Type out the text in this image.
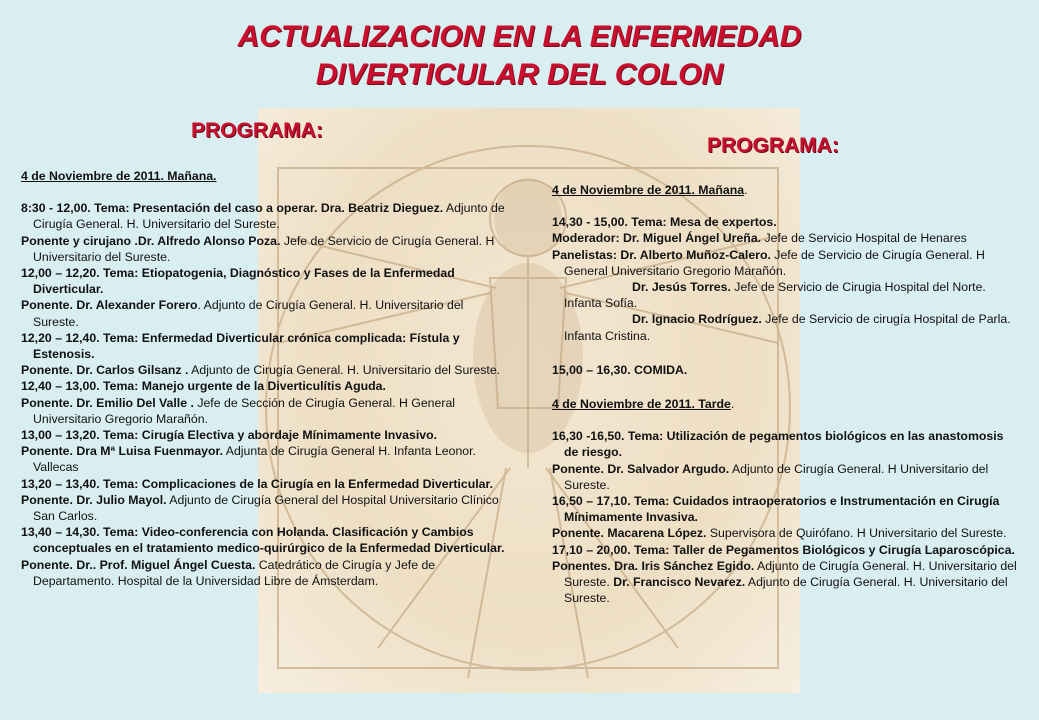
ACTUALIZACION EN LA ENFERMEDAD
DIVERTICULAR DEL COLON
PROGRAMA:
PROGRAMA:

4 de Noviembre de 2011. Mañana.

8:30 - 12,00. Tema: Presentación del caso a operar. Dra. Beatriz Dieguez. Adjunto de Cirugía General. H. Universitario del Sureste.

Ponente y cirujano .Dr. Alfredo Alonso Poza. Jefe de Servicio de Cirugía General. H Universitario del Sureste.

12,00 – 12,20. Tema: Etiopatogenia, Diagnóstico y Fases de la Enfermedad Diverticular.

Ponente. Dr. Alexander Forero. Adjunto de Cirugía General. H. Universitario del Sureste.

12,20 – 12,40. Tema: Enfermedad Diverticular crónica complicada: Fístula y Estenosis.

Ponente. Dr. Carlos Gilsanz . Adjunto de Cirugía General. H. Universitario del Sureste.

12,40 – 13,00. Tema: Manejo urgente de la Diverticulítis Aguda.

Ponente. Dr. Emilio Del Valle . Jefe de Sección de Cirugía General. H General Universitario Gregorio Marañón.

13,00 – 13,20. Tema: Cirugía Electiva y abordaje Mínimamente Invasivo.

Ponente. Dra Mª Luisa Fuenmayor. Adjunta de Cirugía General H. Infanta Leonor. Vallecas

13,20 – 13,40. Tema: Complicaciones de la Cirugía en la Enfermedad Diverticular.

Ponente. Dr. Julio Mayol. Adjunto de Cirugía General del Hospital Universitario Clínico San Carlos.

13,40 – 14,30. Tema: Video-conferencia con Holanda. Clasificación y Cambios conceptuales en el tratamiento medico-quirúrgico de la Enfermedad Diverticular.

Ponente. Dr.. Prof. Miguel Ángel Cuesta. Catedrático de Cirugía y Jefe de Departamento. Hospital de la Universidad Libre de Ámsterdam.

4 de Noviembre de 2011. Mañana.

14,30 - 15,00. Tema: Mesa de expertos.

Moderador: Dr. Miguel Ángel Ureña. Jefe de Servicio Hospital de Henares

Panelistas: Dr. Alberto Muñoz-Calero. Jefe de Servicio de Cirugía General. H General Universitario Gregorio Marañón.

Dr. Jesús Torres. Jefe de Servicio de Cirugia Hospital del Norte. Infanta Sofía.

Dr. Ignacio Rodríguez. Jefe de Servicio de cirugía Hospital de Parla. Infanta Cristina.

15,00 – 16,30. COMIDA.

4 de Noviembre de 2011. Tarde.

16,30 -16,50. Tema: Utilización de pegamentos biológicos en las anastomosis de riesgo.

Ponente. Dr. Salvador Argudo. Adjunto de Cirugía General. H Universitario del Sureste.

16,50 – 17,10. Tema: Cuidados intraoperatorios e Instrumentación en Cirugía Mínimamente Invasiva.

Ponente. Macarena López. Supervisora de Quirófano. H Universitario del Sureste.

17,10 – 20,00. Tema: Taller de Pegamentos Biológicos y Cirugía Laparoscópica.

Ponentes. Dra. Iris Sánchez Egido. Adjunto de Cirugía General. H. Universitario del Sureste. Dr. Francisco Nevarez. Adjunto de Cirugía General. H. Universitario del Sureste.
